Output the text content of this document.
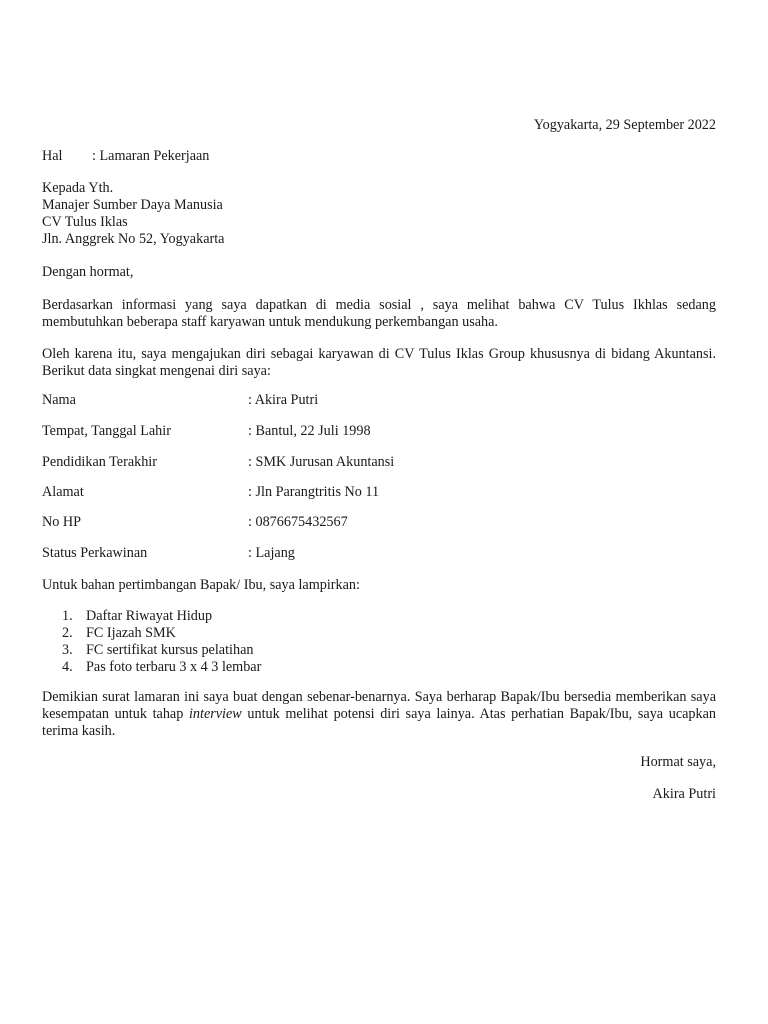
Yogyakarta, 29 September 2022
Hal	: Lamaran Pekerjaan
Kepada Yth.
Manajer Sumber Daya Manusia
CV Tulus Iklas
Jln. Anggrek No 52, Yogyakarta
Dengan hormat,
Berdasarkan informasi yang saya dapatkan di media sosial , saya melihat bahwa CV Tulus Ikhlas sedang membutuhkan beberapa staff karyawan untuk mendukung perkembangan usaha.
Oleh karena itu, saya mengajukan diri sebagai karyawan di CV Tulus Iklas Group khususnya di bidang Akuntansi. Berikut data singkat mengenai diri saya:
Nama	: Akira Putri
Tempat, Tanggal Lahir	: Bantul, 22 Juli 1998
Pendidikan Terakhir	: SMK Jurusan Akuntansi
Alamat	: Jln Parangtritis No 11
No HP	: 0876675432567
Status Perkawinan	: Lajang
Untuk bahan pertimbangan Bapak/ Ibu, saya lampirkan:
1. Daftar Riwayat Hidup
2. FC Ijazah SMK
3. FC sertifikat kursus pelatihan
4. Pas foto terbaru 3 x 4 3 lembar
Demikian surat lamaran ini saya buat dengan sebenar-benarnya. Saya berharap Bapak/Ibu bersedia memberikan saya kesempatan untuk tahap interview untuk melihat potensi diri saya lainya. Atas perhatian Bapak/Ibu, saya ucapkan terima kasih.
Hormat saya,
Akira Putri
